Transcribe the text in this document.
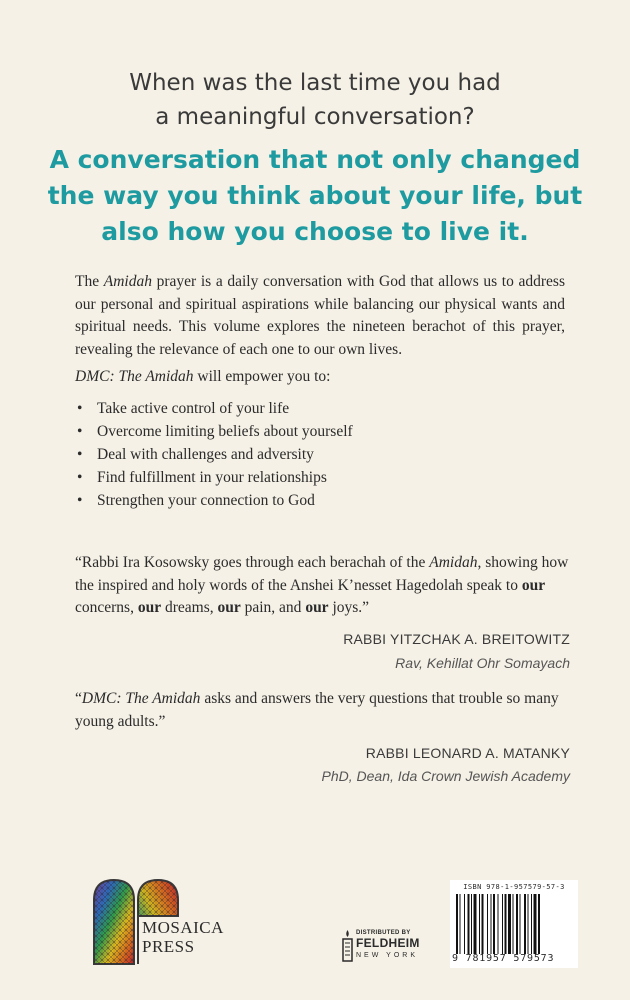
When was the last time you had
a meaningful conversation?
A conversation that not only changed
the way you think about your life, but
also how you choose to live it.

The Amidah prayer is a daily conversation with God that allows us to address our personal and spiritual aspirations while balancing our physical wants and spiritual needs. This volume explores the nineteen berachot of this prayer, revealing the relevance of each one to our own lives.

DMC: The Amidah will empower you to:

• Take active control of your life
• Overcome limiting beliefs about yourself
• Deal with challenges and adversity
• Find fulfillment in your relationships
• Strengthen your connection to God

“Rabbi Ira Kosowsky goes through each berachah of the Amidah, showing how the inspired and holy words of the Anshei K’nesset Hagedolah speak to our concerns, our dreams, our pain, and our joys.”

RABBI YITZCHAK A. BREITOWITZ
Rav, Kehillat Ohr Somayach

“DMC: The Amidah asks and answers the very questions that trouble so many young adults.”

RABBI LEONARD A. MATANKY
PhD, Dean, Ida Crown Jewish Academy
MOSAICA
PRESS
DISTRIBUTED BY
FELDHEIM
NEW YORK
ISBN 978-1-957579-57-3
9 781957 579573
